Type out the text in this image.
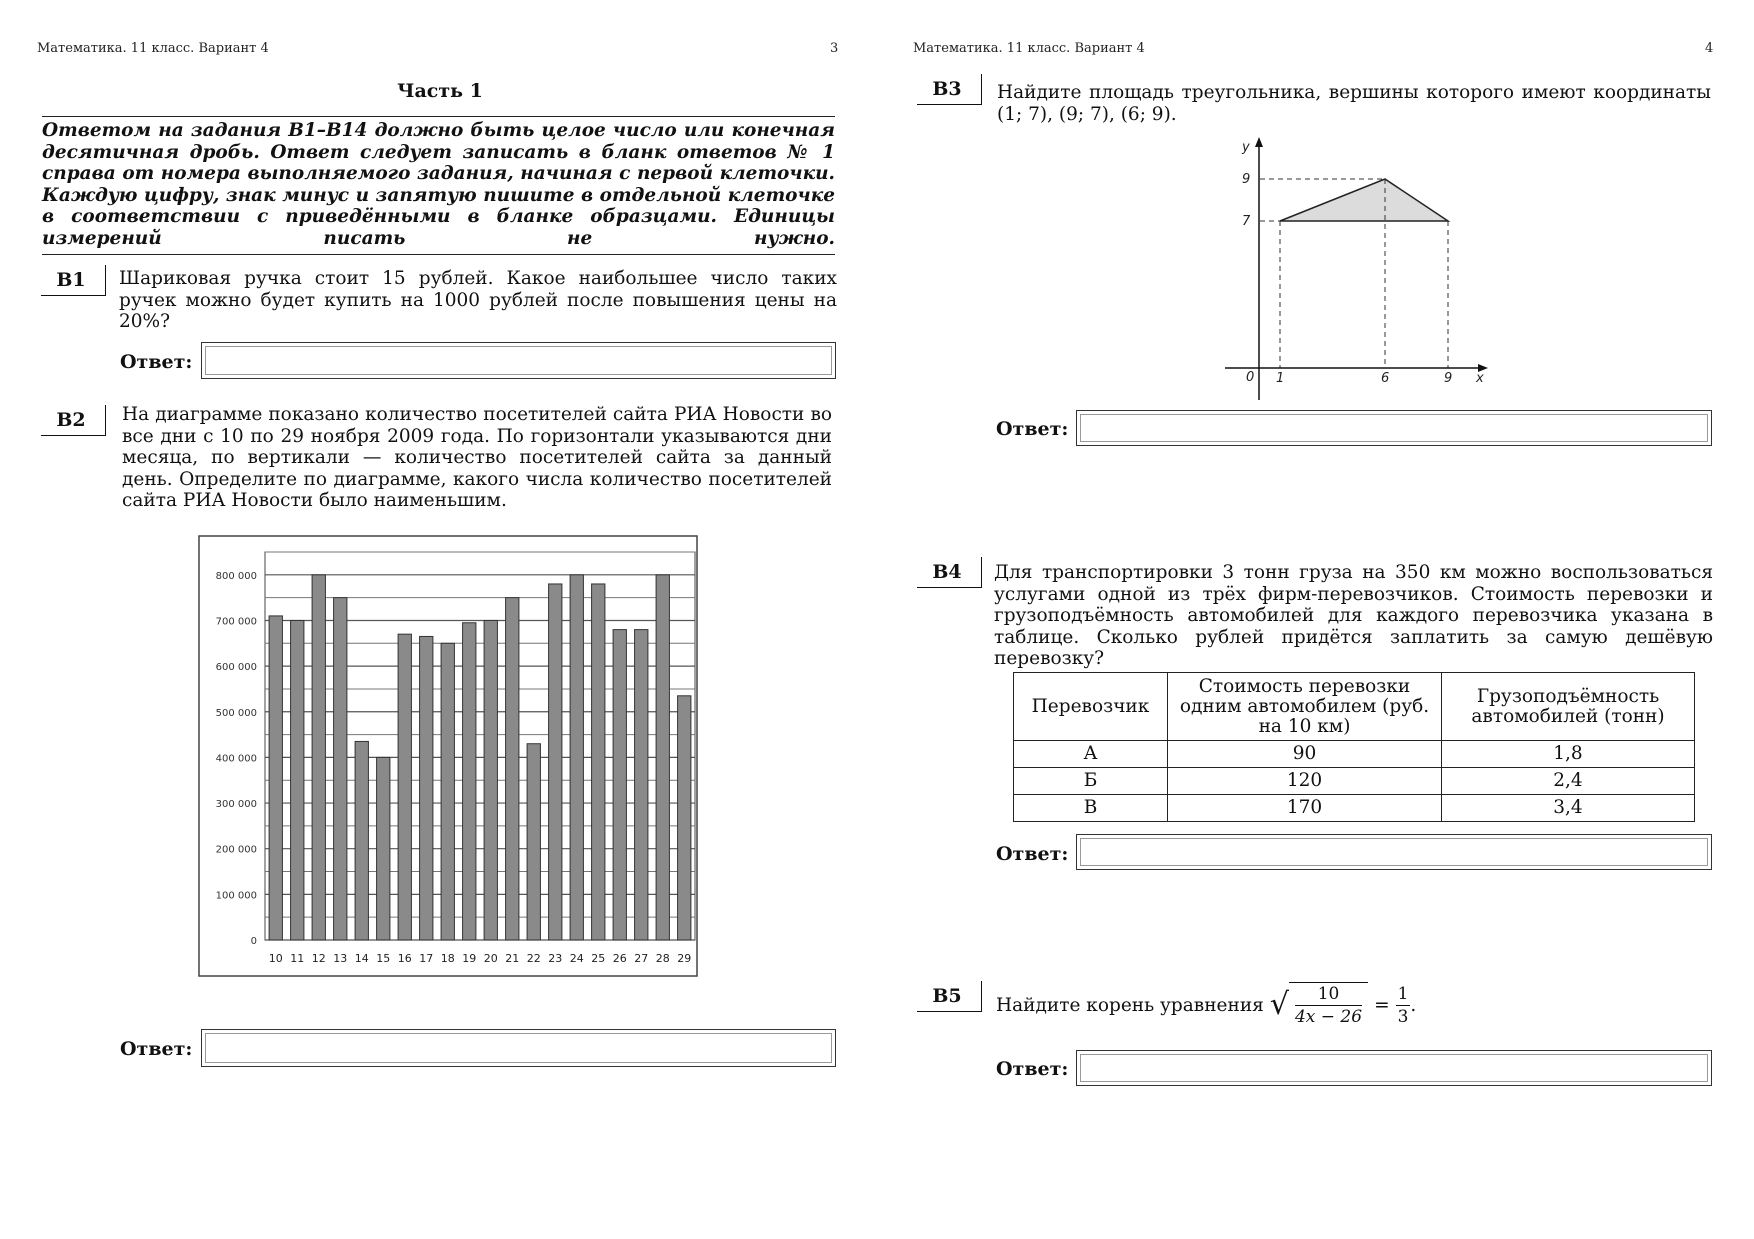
Математика. 11 класс. Вариант 4	3
Часть 1
Ответом на задания В1–В14 должно быть целое число или конечная десятичная дробь. Ответ следует записать в бланк ответов № 1 справа от номера выполняемого задания, начиная с первой клеточки. Каждую цифру, знак минус и запятую пишите в отдельной клеточке в соответствии с приведёнными в бланке образцами. Единицы измерений писать не нужно.
B1	Шариковая ручка стоит 15 рублей. Какое наибольшее число таких ручек можно будет купить на 1000 рублей после повышения цены на 20%?
Ответ:
B2	На диаграмме показано количество посетителей сайта РИА Новости во все дни с 10 по 29 ноября 2009 года. По горизонтали указываются дни месяца, по вертикали — количество посетителей сайта за данный день. Определите по диаграмме, какого числа количество посетителей сайта РИА Новости было наименьшим.
0
100 000
200 000
300 000
400 000
500 000
600 000
700 000
800 000
10 11 12 13 14 15 16 17 18 19 20 21 22 23 24 25 26 27 28 29
Ответ:
Математика. 11 класс. Вариант 4	4
B3	Найдите площадь треугольника, вершины которого имеют координаты (1; 7), (9; 7), (6; 9).
y
9
7
0 1	6	9 x
Ответ:
B4	Для транспортировки 3 тонн груза на 350 км можно воспользоваться услугами одной из трёх фирм-перевозчиков. Стоимость перевозки и грузоподъёмность автомобилей для каждого перевозчика указана в таблице. Сколько рублей придётся заплатить за самую дешёвую перевозку?
Перевозчик	Стоимость перевозки одним автомобилем (руб. на 10 км)	Грузоподъёмность автомобилей (тонн)
А	90	1,8
Б	120	2,4
В	170	3,4
Ответ:
B5	Найдите корень уравнения √ $\frac{10}{4x - 26} = \frac{1}{3}$ .
Ответ:
